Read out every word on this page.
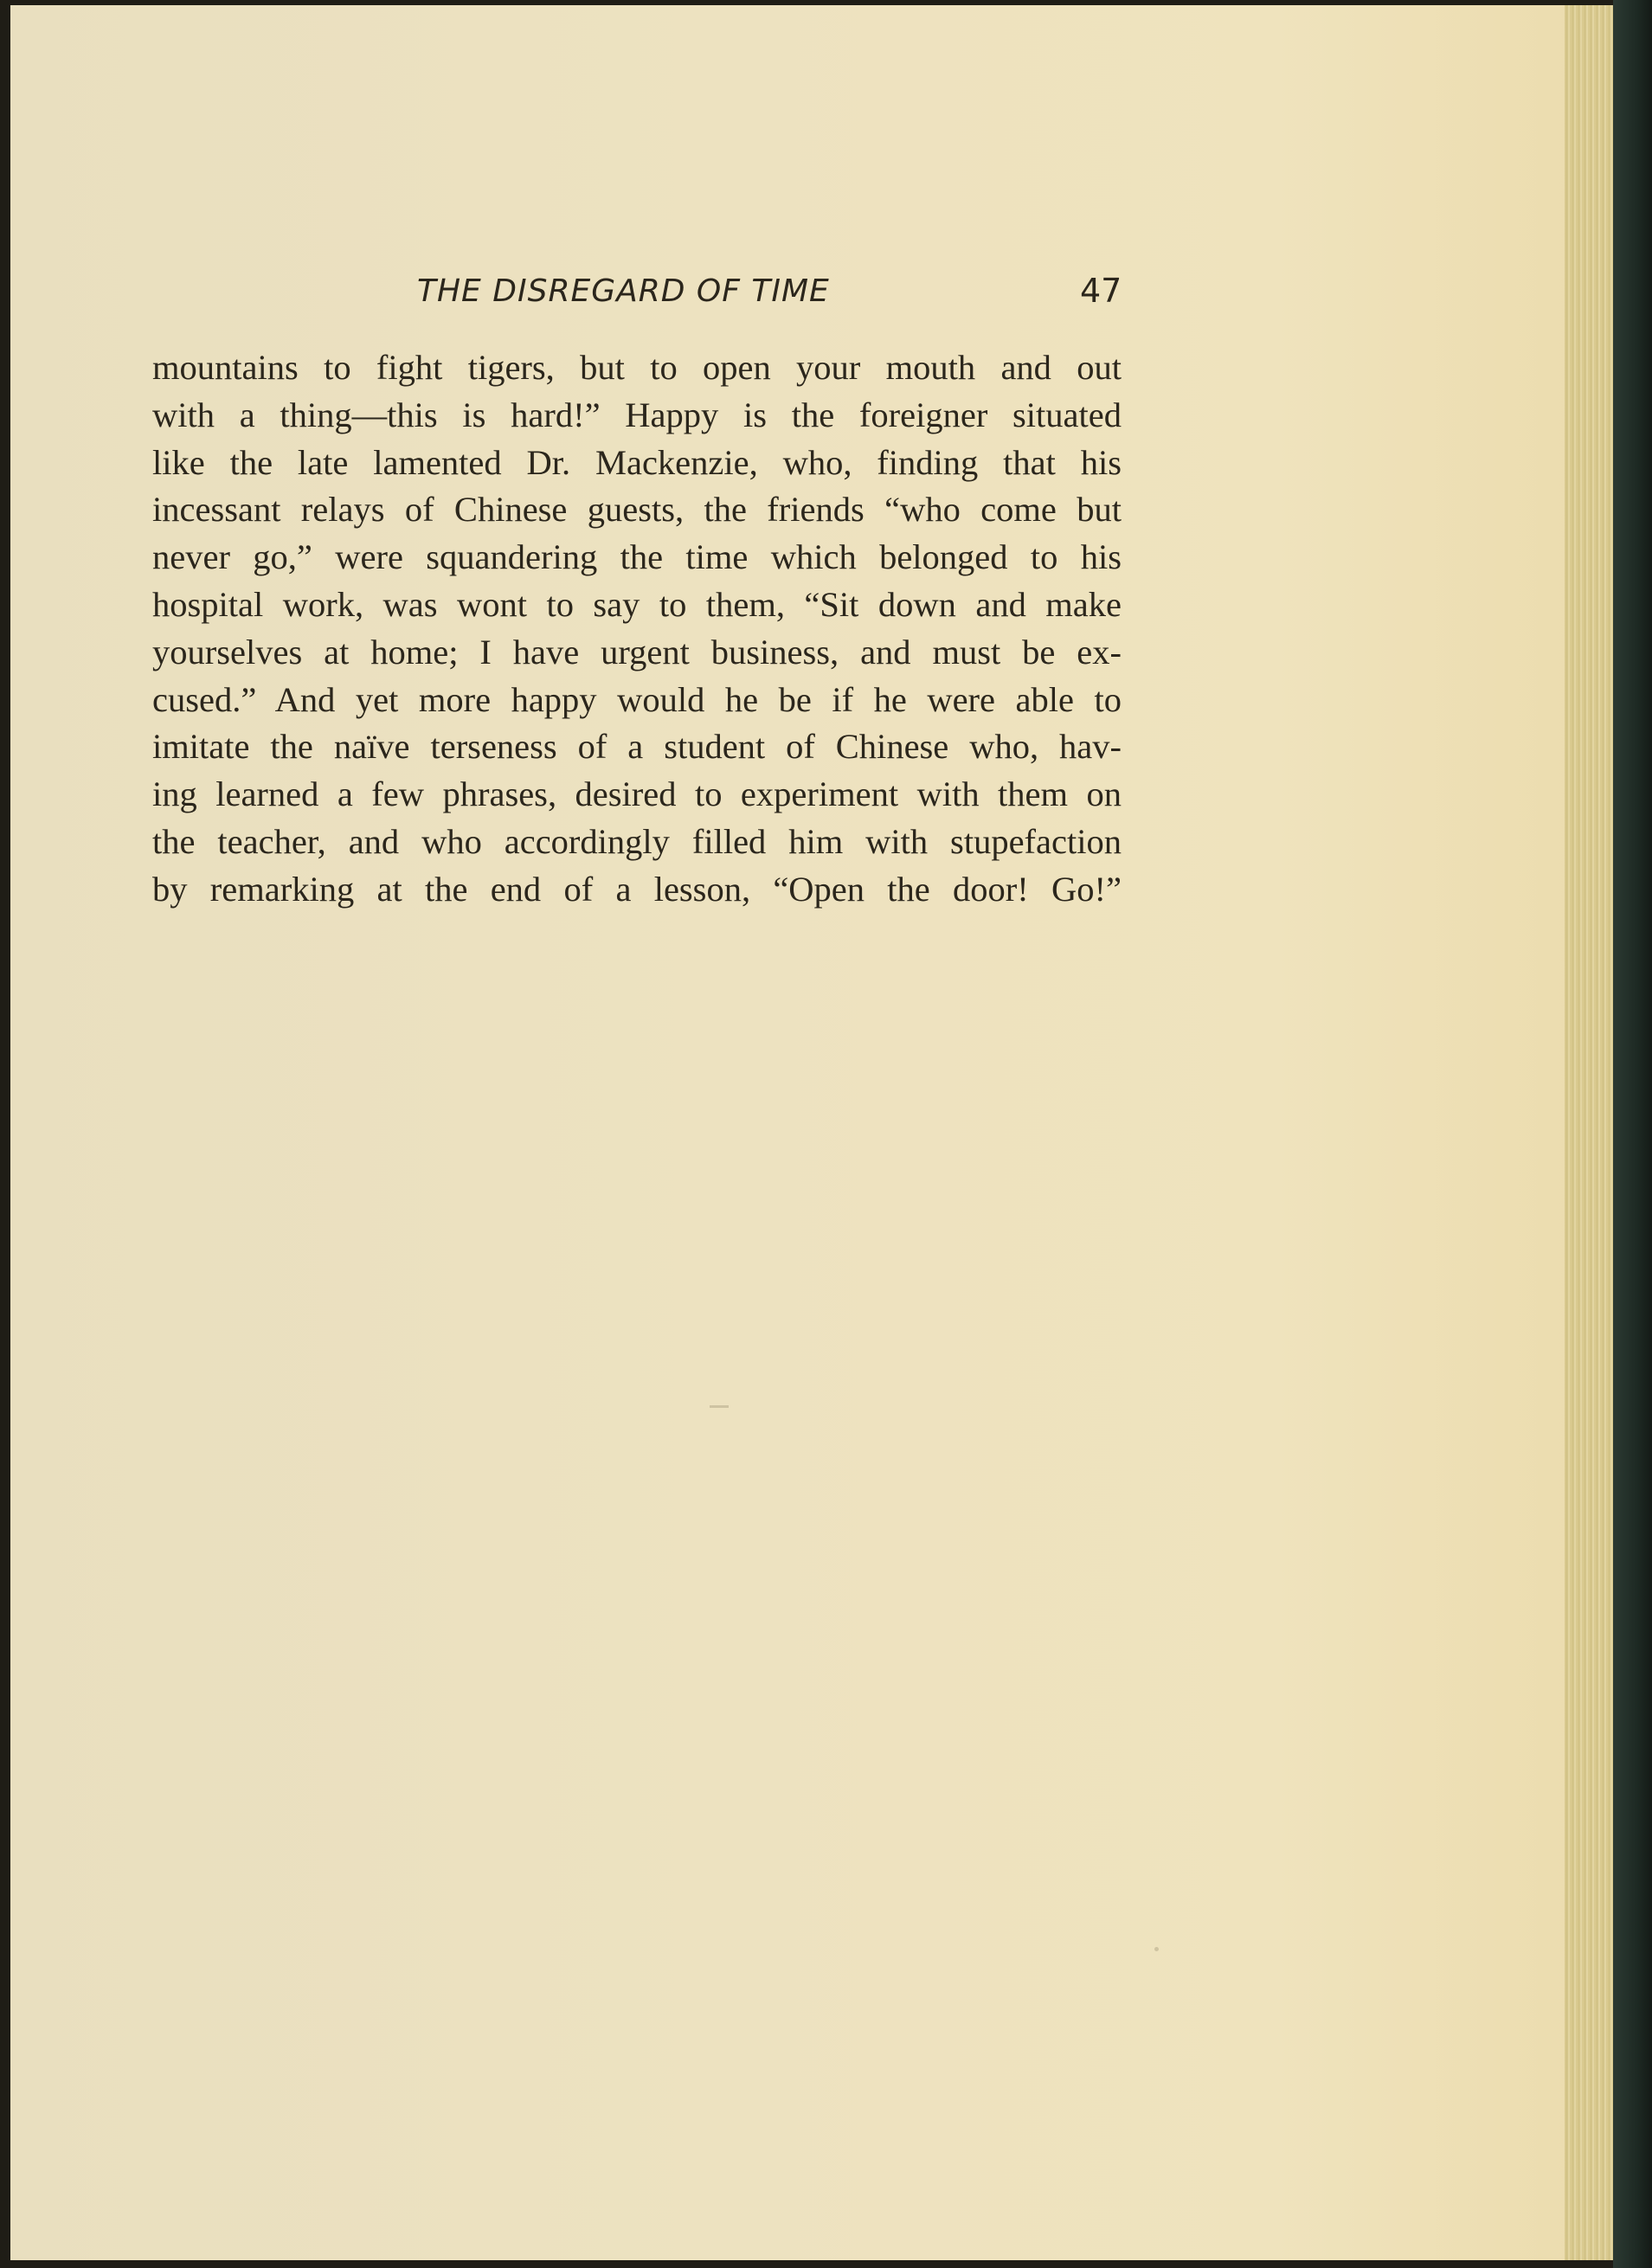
THE DISREGARD OF TIME	47
mountains to fight tigers, but to open your mouth and out
with a thing—this is hard!” Happy is the foreigner situated
like the late lamented Dr. Mackenzie, who, finding that his
incessant relays of Chinese guests, the friends “who come but
never go,” were squandering the time which belonged to his
hospital work, was wont to say to them, “Sit down and make
yourselves at home; I have urgent business, and must be ex-
cused.” And yet more happy would he be if he were able to
imitate the naïve terseness of a student of Chinese who, hav-
ing learned a few phrases, desired to experiment with them on
the teacher, and who accordingly filled him with stupefaction
by remarking at the end of a lesson, “Open the door! Go!”
